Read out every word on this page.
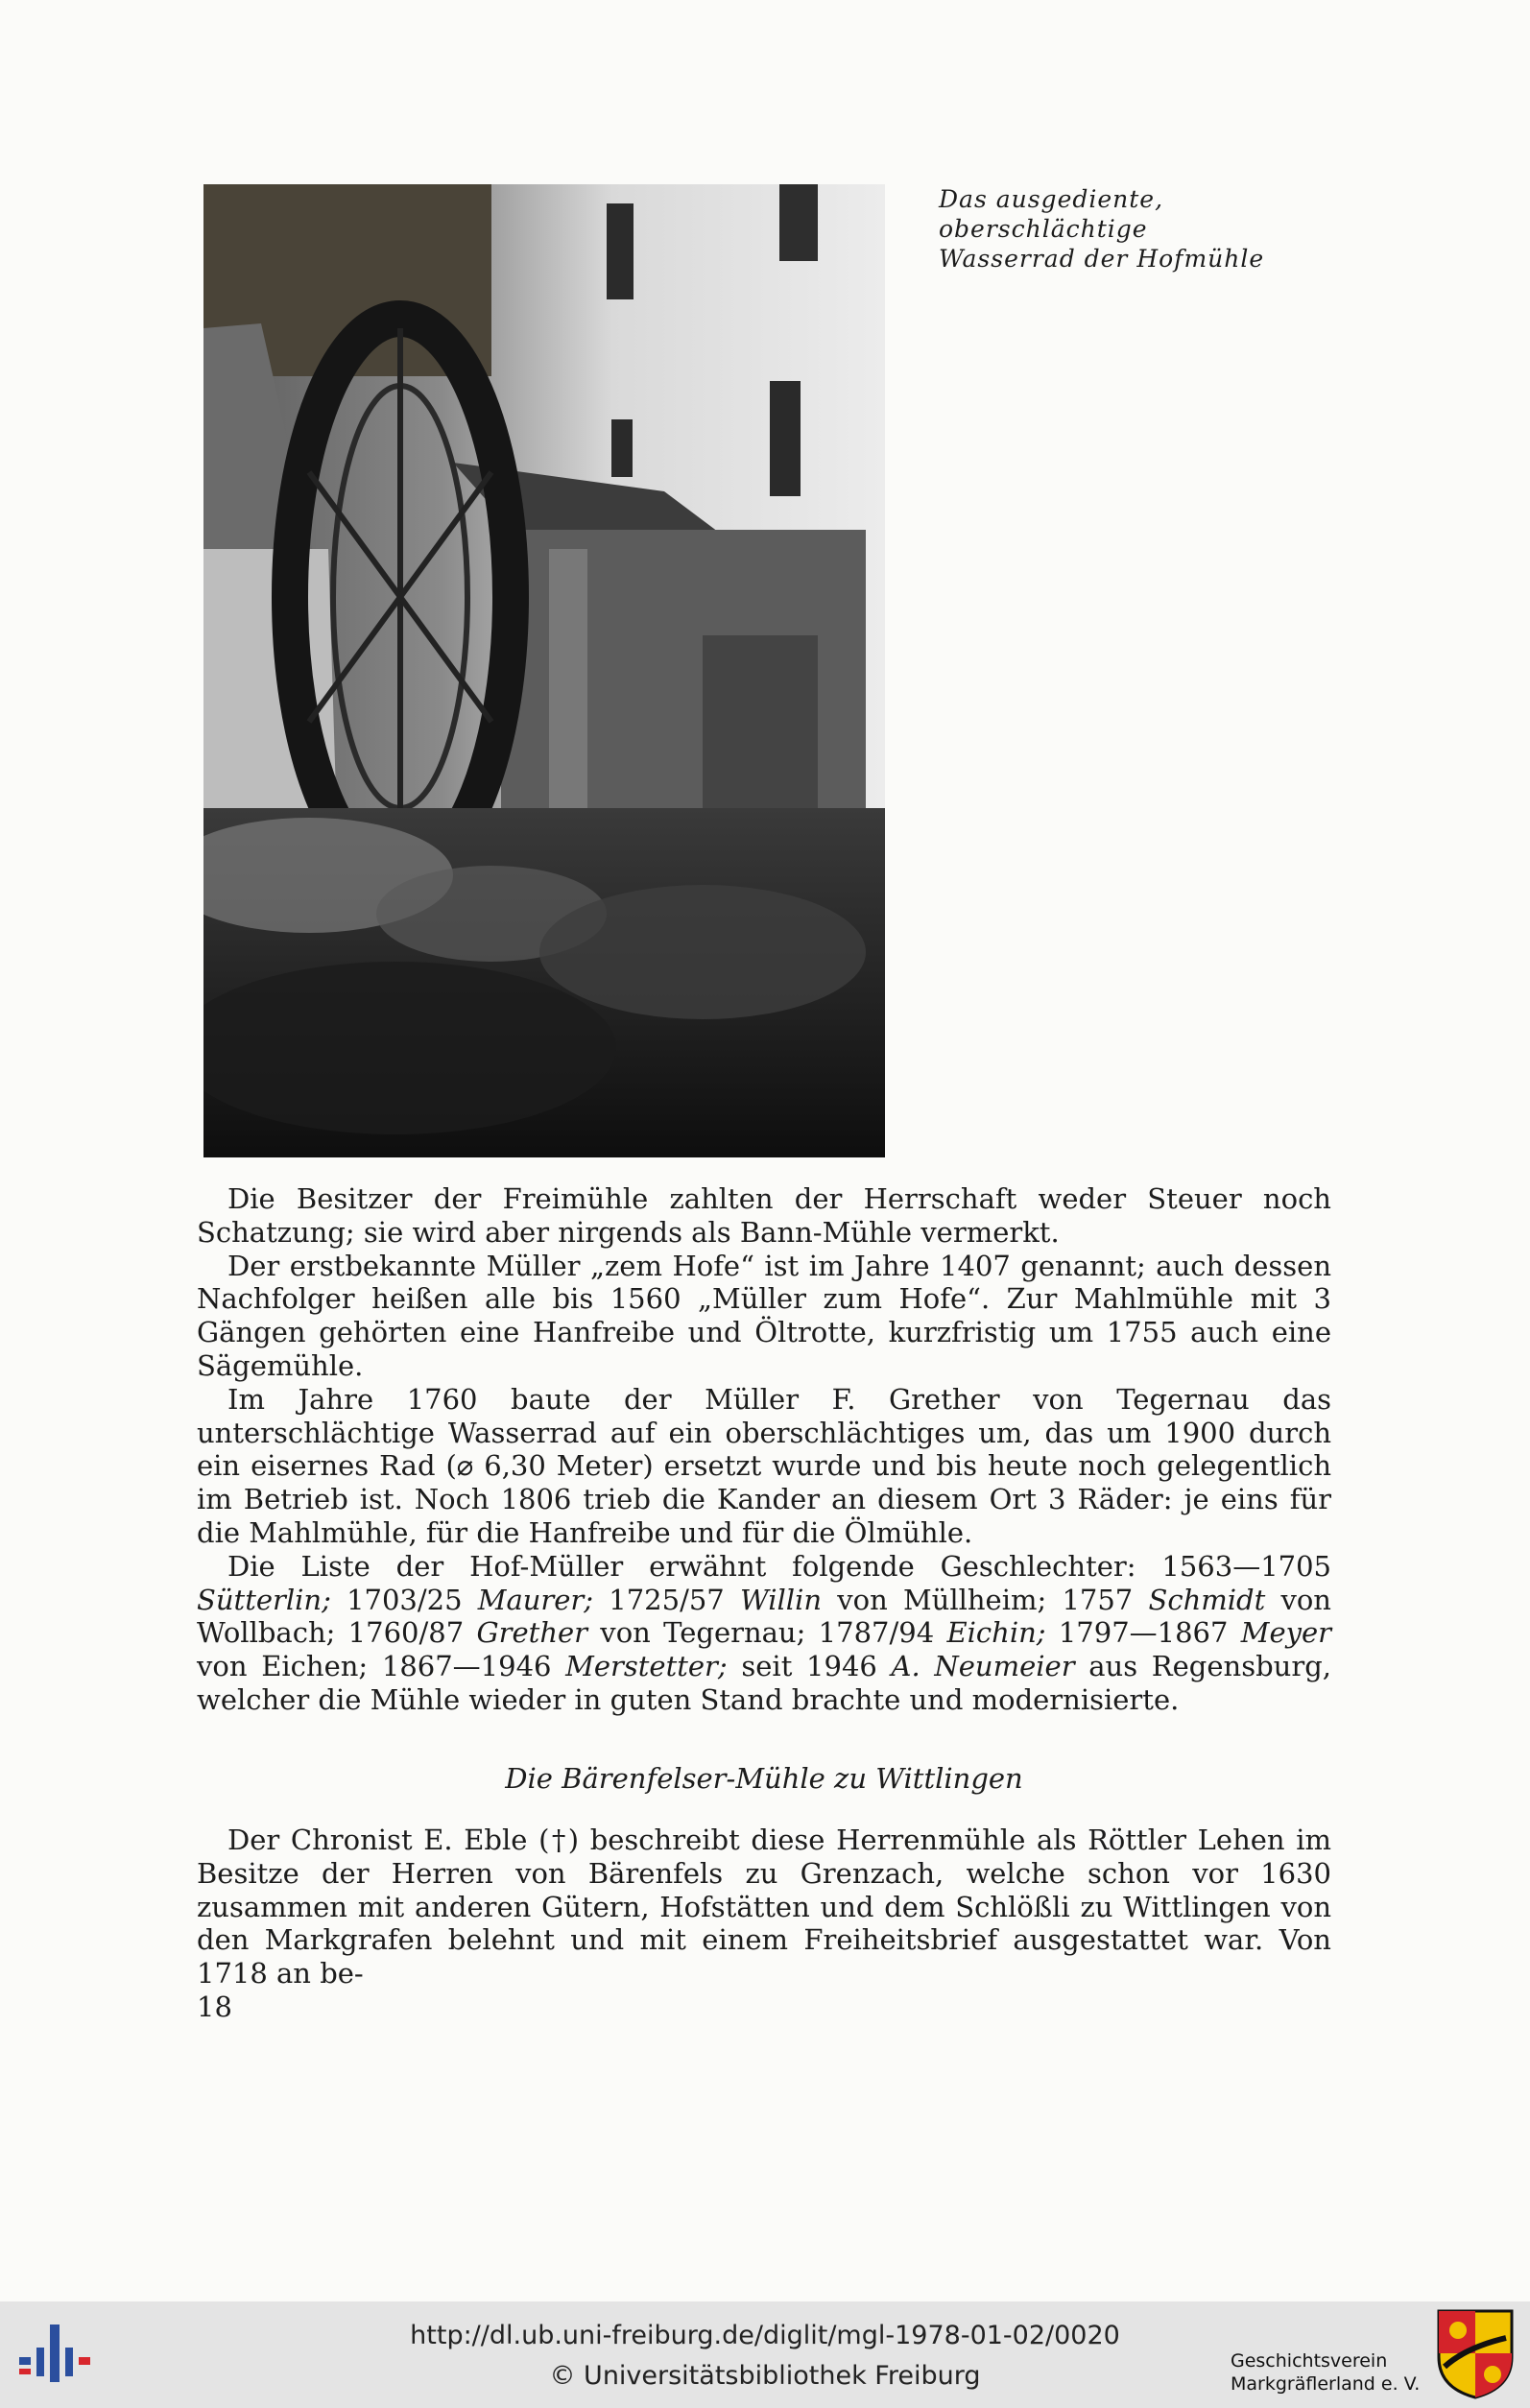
Das ausgediente, oberschlächtige
Wasserrad der Hofmühle

Die Besitzer der Freimühle zahlten der Herrschaft weder Steuer noch Schatzung; sie wird aber nirgends als Bann-Mühle vermerkt.

Der erstbekannte Müller „zem Hofe“ ist im Jahre 1407 genannt; auch dessen Nachfolger heißen alle bis 1560 „Müller zum Hofe“. Zur Mahlmühle mit 3 Gängen gehörten eine Hanfreibe und Öltrotte, kurzfristig um 1755 auch eine Sägemühle.

Im Jahre 1760 baute der Müller F. Grether von Tegernau das unterschlächtige Wasserrad auf ein oberschlächtiges um, das um 1900 durch ein eisernes Rad (⌀ 6,30 Meter) ersetzt wurde und bis heute noch gelegentlich im Betrieb ist. Noch 1806 trieb die Kander an diesem Ort 3 Räder: je eins für die Mahlmühle, für die Hanfreibe und für die Ölmühle.

Die Liste der Hof-Müller erwähnt folgende Geschlechter: 1563—1705 Sütterlin; 1703/25 Maurer; 1725/57 Willin von Müllheim; 1757 Schmidt von Wollbach; 1760/87 Grether von Tegernau; 1787/94 Eichin; 1797—1867 Meyer von Eichen; 1867—1946 Merstetter; seit 1946 A. Neumeier aus Regensburg, welcher die Mühle wieder in guten Stand brachte und modernisierte.

Die Bärenfelser-Mühle zu Wittlingen

Der Chronist E. Eble (†) beschreibt diese Herrenmühle als Röttler Lehen im Besitze der Herren von Bärenfels zu Grenzach, welche schon vor 1630 zusammen mit anderen Gütern, Hofstätten und dem Schlößli zu Wittlingen von den Markgrafen belehnt und mit einem Freiheitsbrief ausgestattet war. Von 1718 an be-

18

http://dl.ub.uni-freiburg.de/diglit/mgl-1978-01-02/0020
© Universitätsbibliothek Freiburg	Geschichtsverein
Markgräflerland e. V.
